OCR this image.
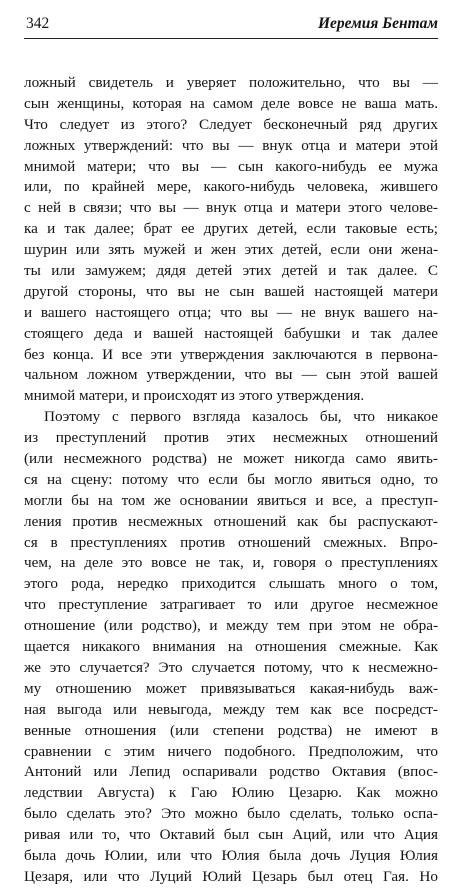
342	Иеремия Бентам
ложный свидетель и уверяет положительно, что вы —
сын женщины, которая на самом деле вовсе не ваша мать.
Что следует из этого? Следует бесконечный ряд других
ложных утверждений: что вы — внук отца и матери этой
мнимой матери; что вы — сын какого-нибудь ее мужа
или, по крайней мере, какого-нибудь человека, жившего
с ней в связи; что вы — внук отца и матери этого челове-
ка и так далее; брат ее других детей, если таковые есть;
шурин или зять мужей и жен этих детей, если они жена-
ты или замужем; дядя детей этих детей и так далее. С
другой стороны, что вы не сын вашей настоящей матери
и вашего настоящего отца; что вы — не внук вашего на-
стоящего деда и вашей настоящей бабушки и так далее
без конца. И все эти утверждения заключаются в первона-
чальном ложном утверждении, что вы — сын этой вашей
мнимой матери, и происходят из этого утверждения.
Поэтому с первого взгляда казалось бы, что никакое
из преступлений против этих несмежных отношений
(или несмежного родства) не может никогда само явить-
ся на сцену: потому что если бы могло явиться одно, то
могли бы на том же основании явиться и все, а преступ-
ления против несмежных отношений как бы распускают-
ся в преступлениях против отношений смежных. Впро-
чем, на деле это вовсе не так, и, говоря о преступлениях
этого рода, нередко приходится слышать много о том,
что преступление затрагивает то или другое несмежное
отношение (или родство), и между тем при этом не обра-
щается никакого внимания на отношения смежные. Как
же это случается? Это случается потому, что к несмежно-
му отношению может привязываться какая-нибудь важ-
ная выгода или невыгода, между тем как все посредст-
венные отношения (или степени родства) не имеют в
сравнении с этим ничего подобного. Предположим, что
Антоний или Лепид оспаривали родство Октавия (впос-
ледствии Августа) к Гаю Юлию Цезарю. Как можно
было сделать это? Это можно было сделать, только оспа-
ривая или то, что Октавий был сын Аций, или что Ация
была дочь Юлии, или что Юлия была дочь Луция Юлия
Цезаря, или что Луций Юлий Цезарь был отец Гая. Но
